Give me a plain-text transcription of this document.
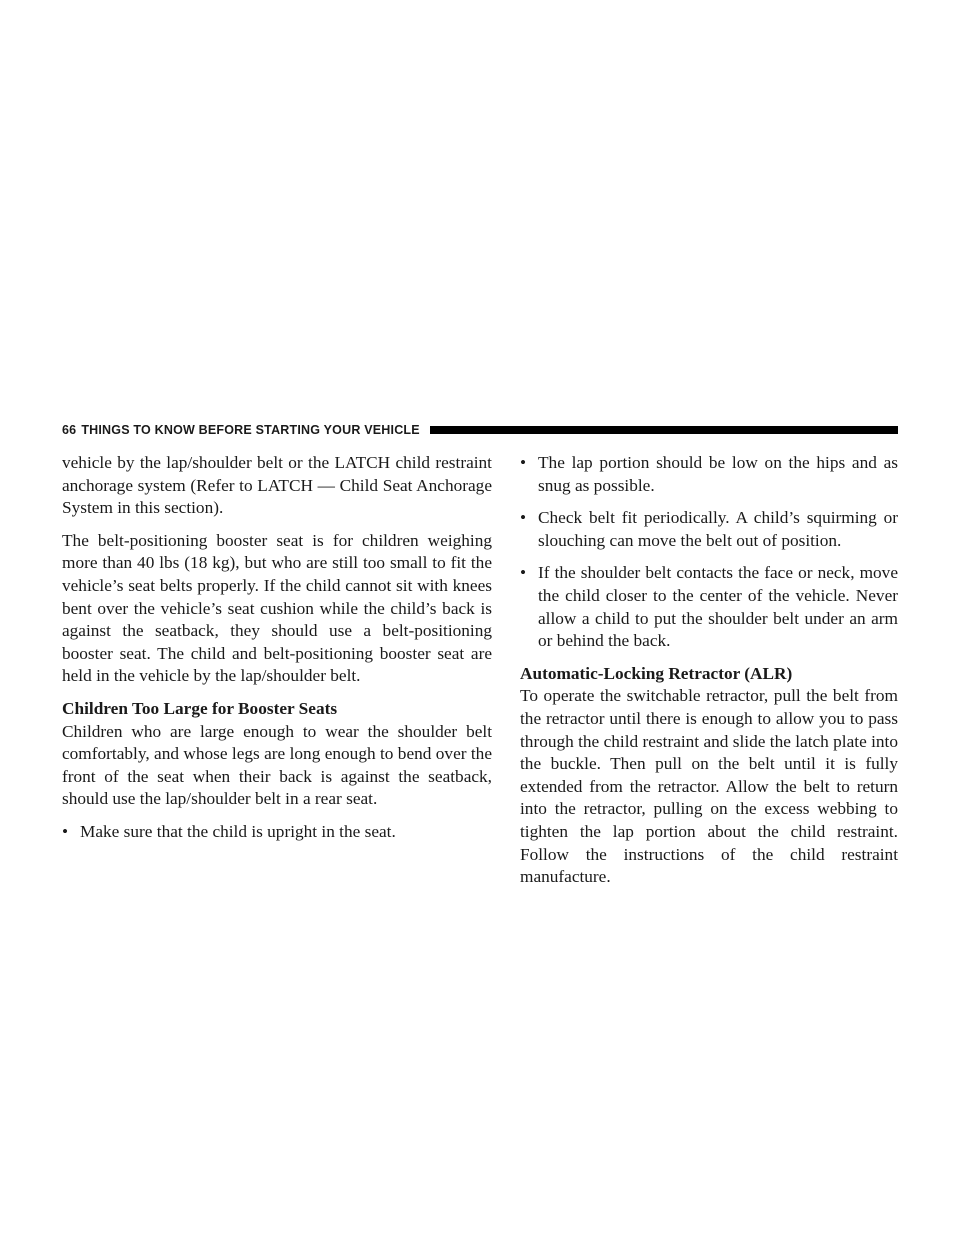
66 THINGS TO KNOW BEFORE STARTING YOUR VEHICLE

vehicle by the lap/shoulder belt or the LATCH child restraint anchorage system (Refer to LATCH — Child Seat Anchorage System in this section).

The belt-positioning booster seat is for children weighing more than 40 lbs (18 kg), but who are still too small to fit the vehicle’s seat belts properly. If the child cannot sit with knees bent over the vehicle’s seat cushion while the child’s back is against the seatback, they should use a belt-positioning booster seat. The child and belt-positioning booster seat are held in the vehicle by the lap/shoulder belt.

Children Too Large for Booster Seats

Children who are large enough to wear the shoulder belt comfortably, and whose legs are long enough to bend over the front of the seat when their back is against the seatback, should use the lap/shoulder belt in a rear seat.

• Make sure that the child is upright in the seat.
• The lap portion should be low on the hips and as snug as possible.
• Check belt fit periodically. A child’s squirming or slouching can move the belt out of position.
• If the shoulder belt contacts the face or neck, move the child closer to the center of the vehicle. Never allow a child to put the shoulder belt under an arm or behind the back.
Automatic-Locking Retractor (ALR)

To operate the switchable retractor, pull the belt from the retractor until there is enough to allow you to pass through the child restraint and slide the latch plate into the buckle. Then pull on the belt until it is fully extended from the retractor. Allow the belt to return into the retractor, pulling on the excess webbing to tighten the lap portion about the child restraint. Follow the instructions of the child restraint manufacture.
